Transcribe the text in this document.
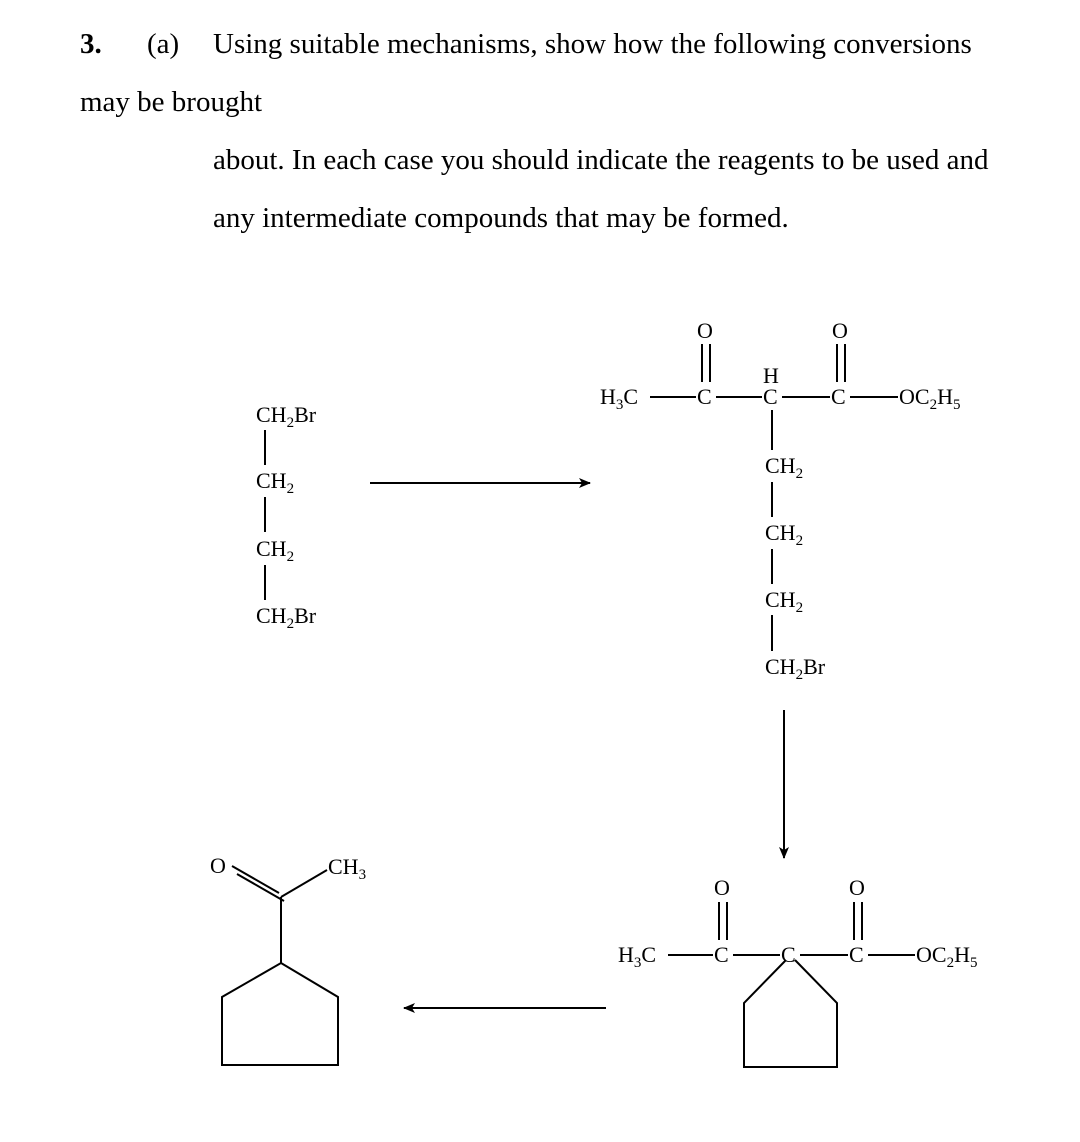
3. (a) Using suitable mechanisms, show how the following conversions
may be brought
about. In each case you should indicate the reagents to be used and
any intermediate compounds that may be formed.
$CH_2Br$
$CH_2$
$CH_2$
$CH_2Br$
$H_3C$	C
H
C C $OC_2H_5$
O	O
$CH_2$
$CH_2$
$CH_2$
$CH_2Br$
$H_3C$	C C C $OC_2H_5$
O	O
O	$CH_3$
